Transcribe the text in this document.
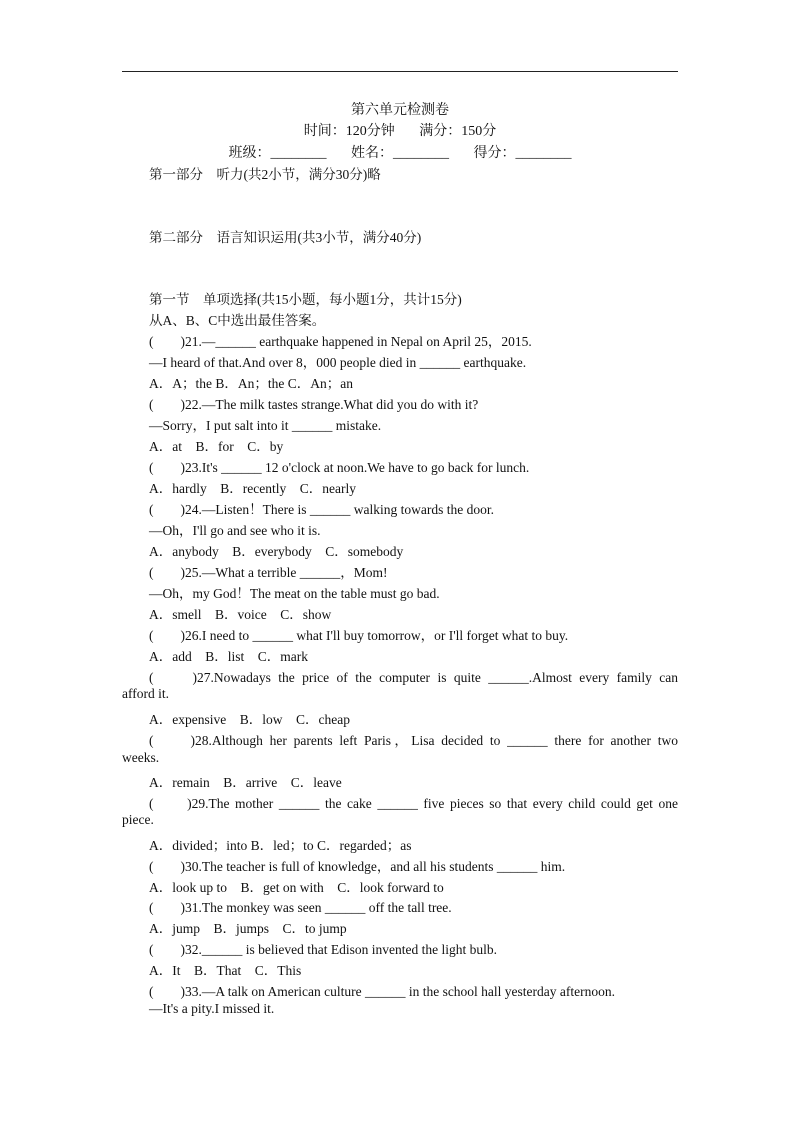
第六单元检测卷
时间：120分钟       满分：150分
班级：________       姓名：________       得分：________
第一部分　听力(共2小节，满分30分)略
第二部分　语言知识运用(共3小节，满分40分)
第一节　单项选择(共15小题，每小题1分，共计15分)
从A、B、C中选出最佳答案。
(　　)21.—______ earthquake happened in Nepal on April 25，2015.
—I heard of that.And over 8，000 people died in ______ earthquake.
A．A；the B．An；the C．An；an
(　　)22.—The milk tastes strange.What did you do with it?
—Sorry，I put salt into it ______ mistake.
A．at　B．for　C．by
(　　)23.It's ______ 12 o'clock at noon.We have to go back for lunch.
A．hardly　B．recently　C．nearly
(　　)24.—Listen！There is ______ walking towards the door.
—Oh，I'll go and see who it is.
A．anybody　B．everybody　C．somebody
(　　)25.—What a terrible ______，Mom!
—Oh，my God！The meat on the table must go bad.
A．smell　B．voice　C．show
(　　)26.I need to ______ what I'll buy tomorrow，or I'll forget what to buy.
A．add　B．list　C．mark
(　　)27.Nowadays the price of the computer is quite ______.Almost every family can
afford it.
A．expensive　B．low　C．cheap
(　　)28.Although her parents left Paris，Lisa decided to ______ there for another two
weeks.
A．remain　B．arrive　C．leave
(　　)29.The mother ______ the cake ______ five pieces so that every child could get one
piece.
A．divided；into B．led；to C．regarded；as
(　　)30.The teacher is full of knowledge，and all his students ______ him.
A．look up to　B．get on with　C．look forward to
(　　)31.The monkey was seen ______ off the tall tree.
A．jump　B．jumps　C．to jump
(　　)32.______ is believed that Edison invented the light bulb.
A．It　B．That　C．This
(　　)33.—A talk on American culture ______ in the school hall yesterday afternoon.
—It's a pity.I missed it.
